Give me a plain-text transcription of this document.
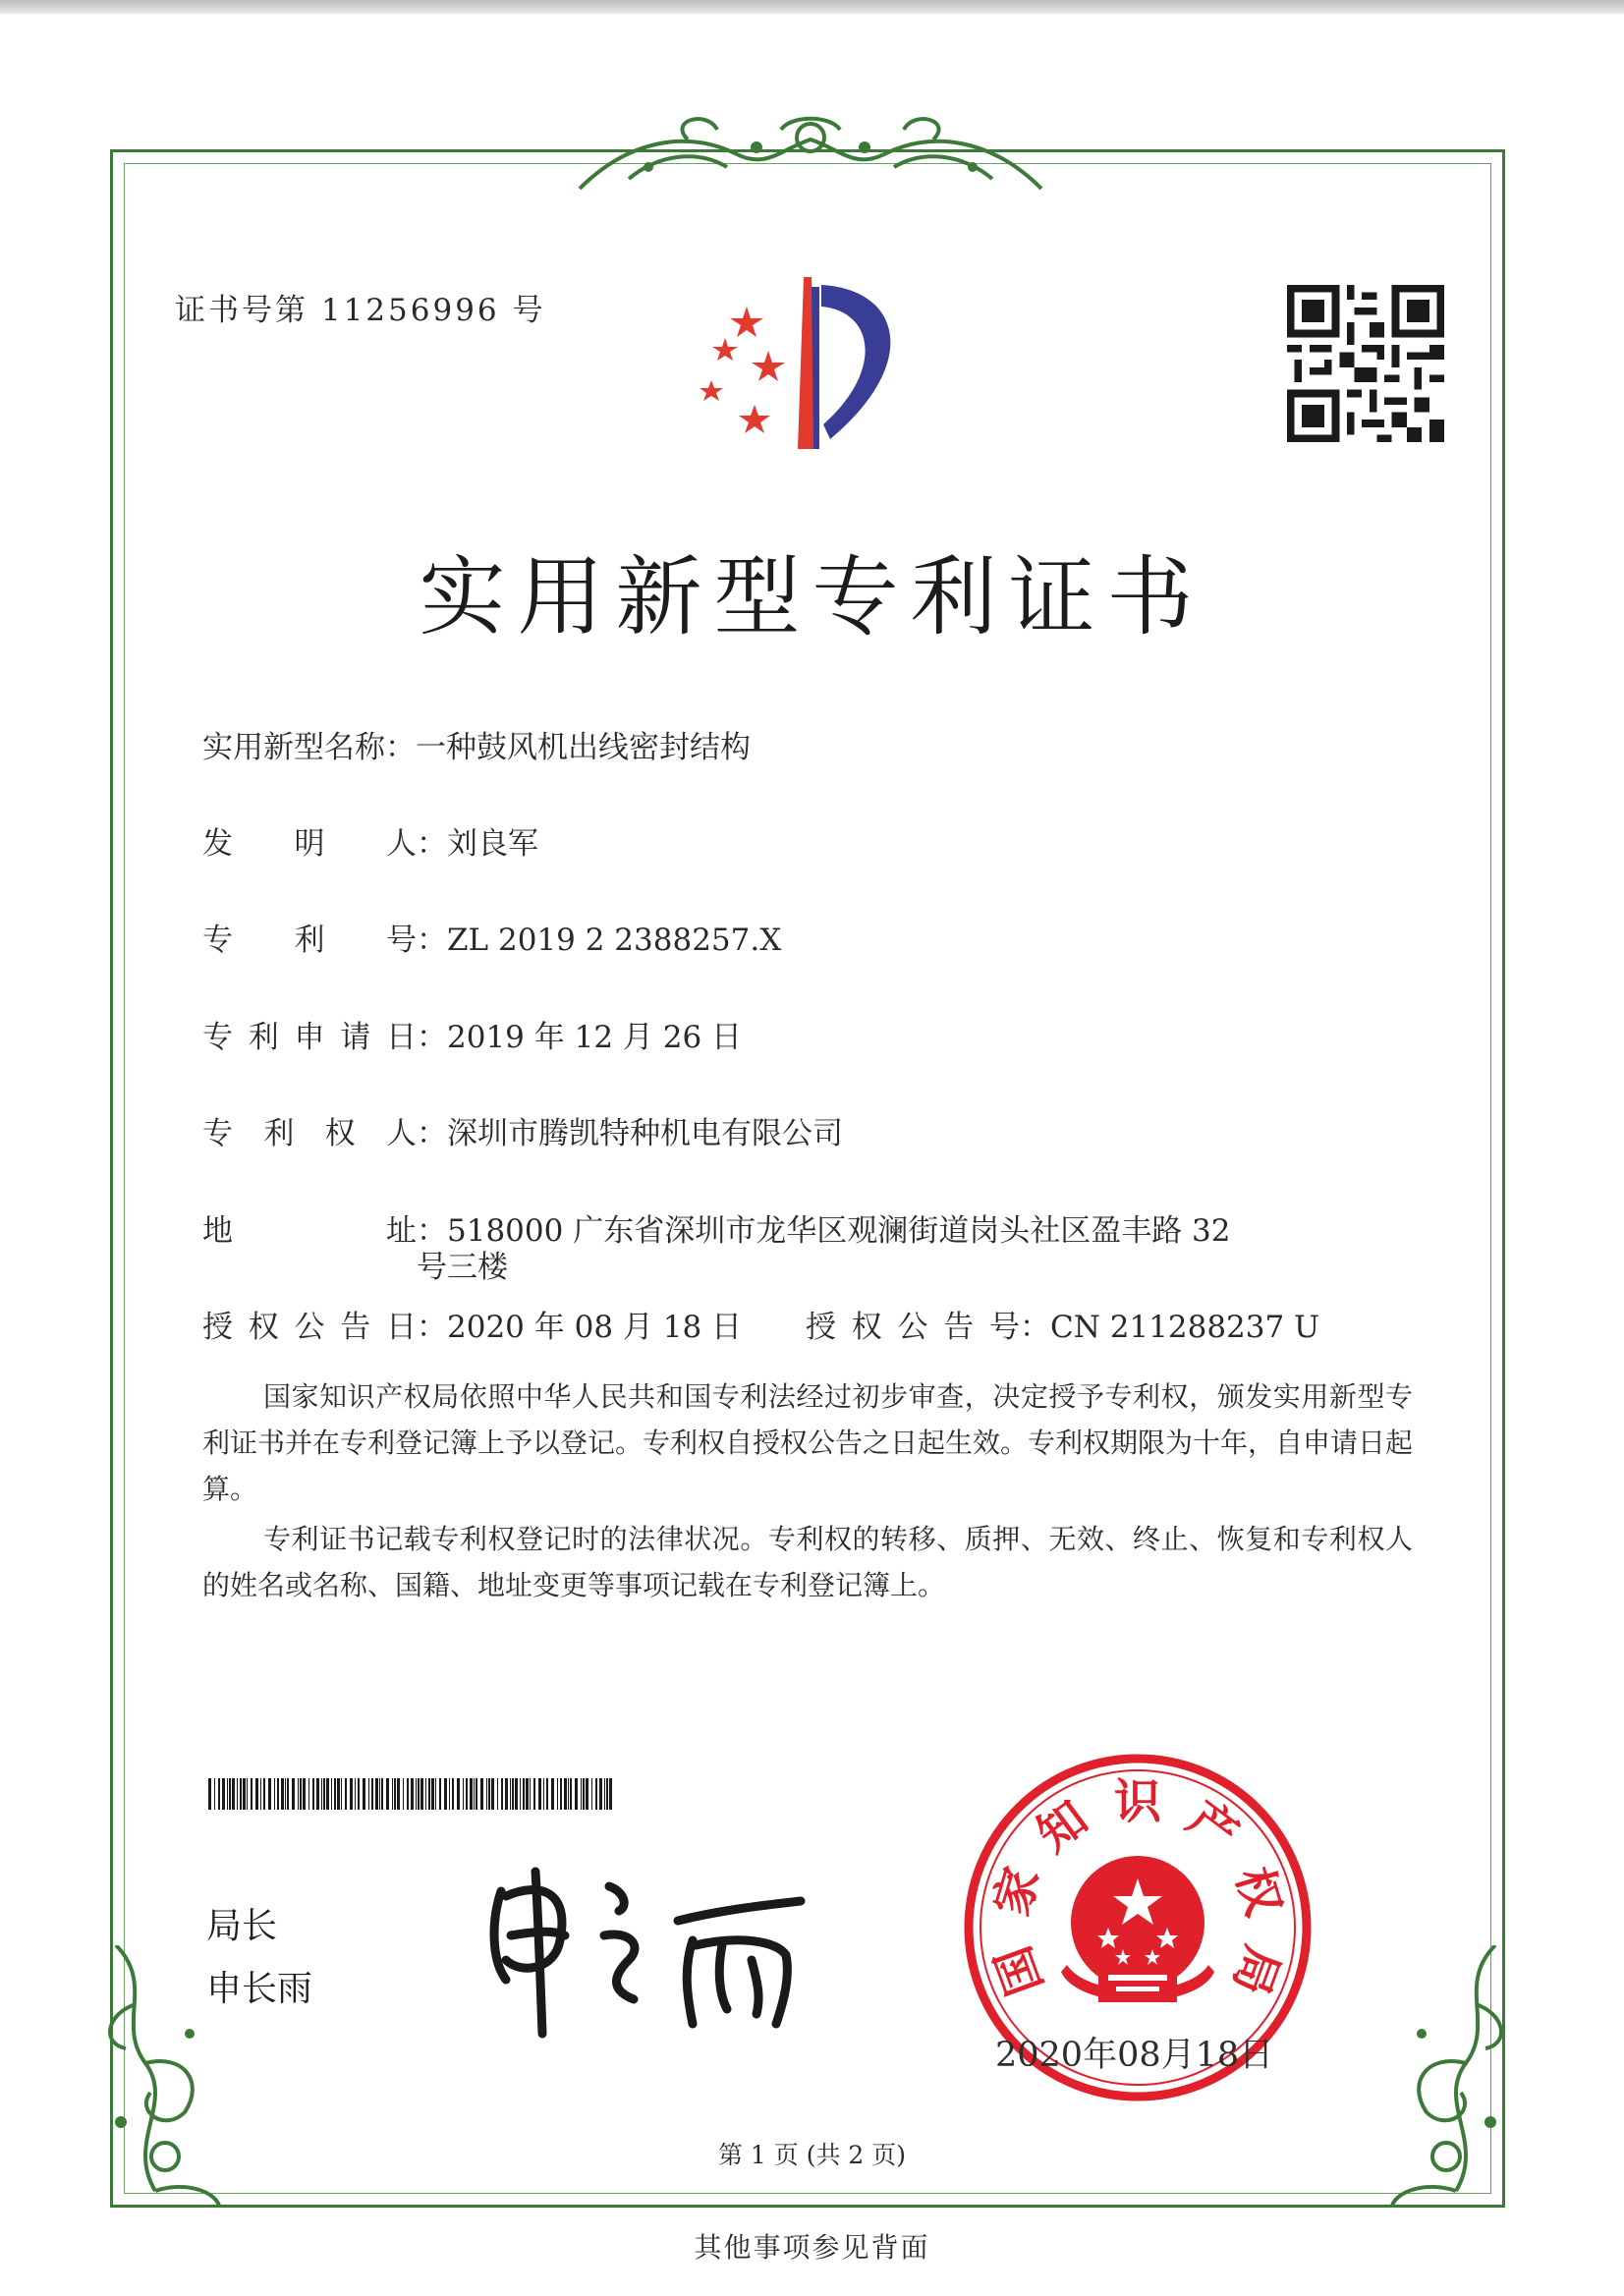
证书号第 11256996 号
实用新型专利证书
实用新型名称：一种鼓风机出线密封结构
发明人：刘良军
专利号：ZL 2019 2 2388257.X
专利申请日：2019 年 12 月 26 日
专利权人：深圳市腾凯特种机电有限公司
地址：518000 广东省深圳市龙华区观澜街道岗头社区盈丰路 32
号三楼
授权公告日：2020 年 08 月 18 日 授权公告号：CN 211288237 U
国家知识产权局依照中华人民共和国专利法经过初步审查，决定授予专利权，颁发实用新型专利证书并在专利登记簿上予以登记。专利权自授权公告之日起生效。专利权期限为十年，自申请日起算。
专利证书记载专利权登记时的法律状况。专利权的转移、质押、无效、终止、恢复和专利权人的姓名或名称、国籍、地址变更等事项记载在专利登记簿上。
局长
申长雨	国
家
知 识 产
权
局
2020年08月18日
第 1 页 (共 2 页)
其他事项参见背面
